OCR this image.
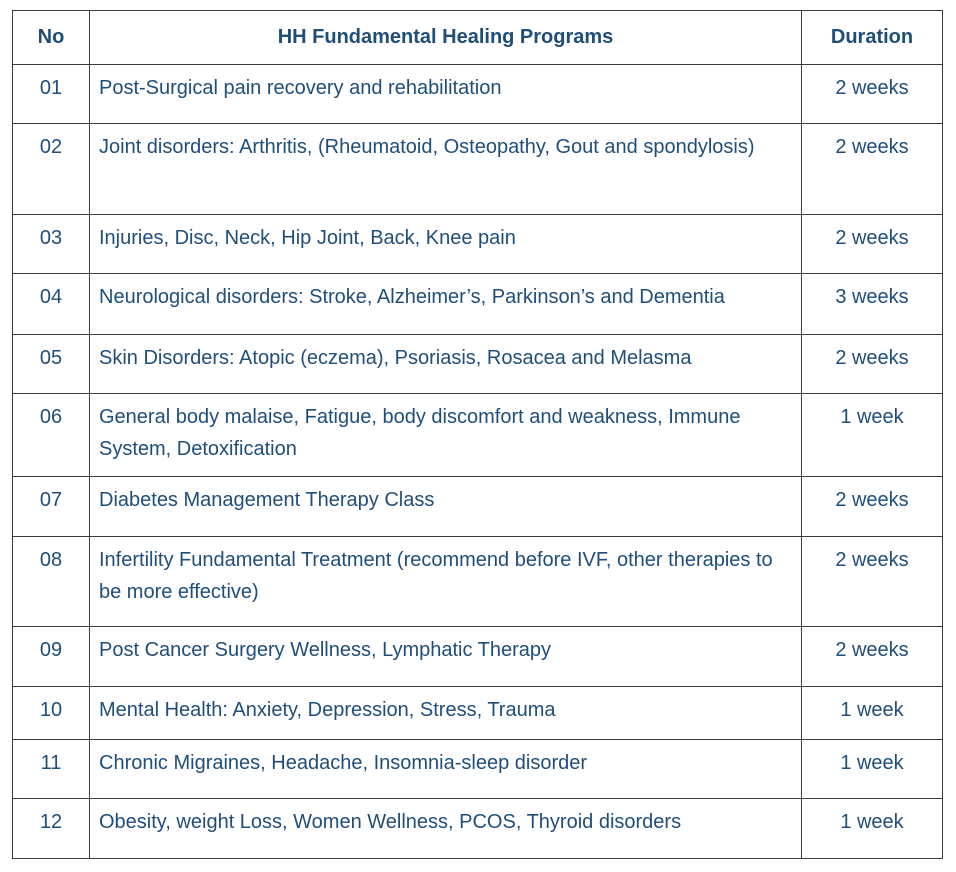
No	HH Fundamental Healing Programs	Duration
01	Post-Surgical pain recovery and rehabilitation	2 weeks
02	Joint disorders: Arthritis, (Rheumatoid, Osteopathy, Gout and spondylosis)	2 weeks
03	Injuries, Disc, Neck, Hip Joint, Back, Knee pain	2 weeks
04	Neurological disorders: Stroke, Alzheimer’s, Parkinson’s and Dementia	3 weeks
05	Skin Disorders: Atopic (eczema), Psoriasis, Rosacea and Melasma	2 weeks
06	General body malaise, Fatigue, body discomfort and weakness, Immune System, Detoxification	1 week
07	Diabetes Management Therapy Class	2 weeks
08	Infertility Fundamental Treatment (recommend before IVF, other therapies to be more effective)	2 weeks
09	Post Cancer Surgery Wellness, Lymphatic Therapy	2 weeks
10	Mental Health: Anxiety, Depression, Stress, Trauma	1 week
11	Chronic Migraines, Headache, Insomnia-sleep disorder	1 week
12	Obesity, weight Loss, Women Wellness, PCOS, Thyroid disorders	1 week
